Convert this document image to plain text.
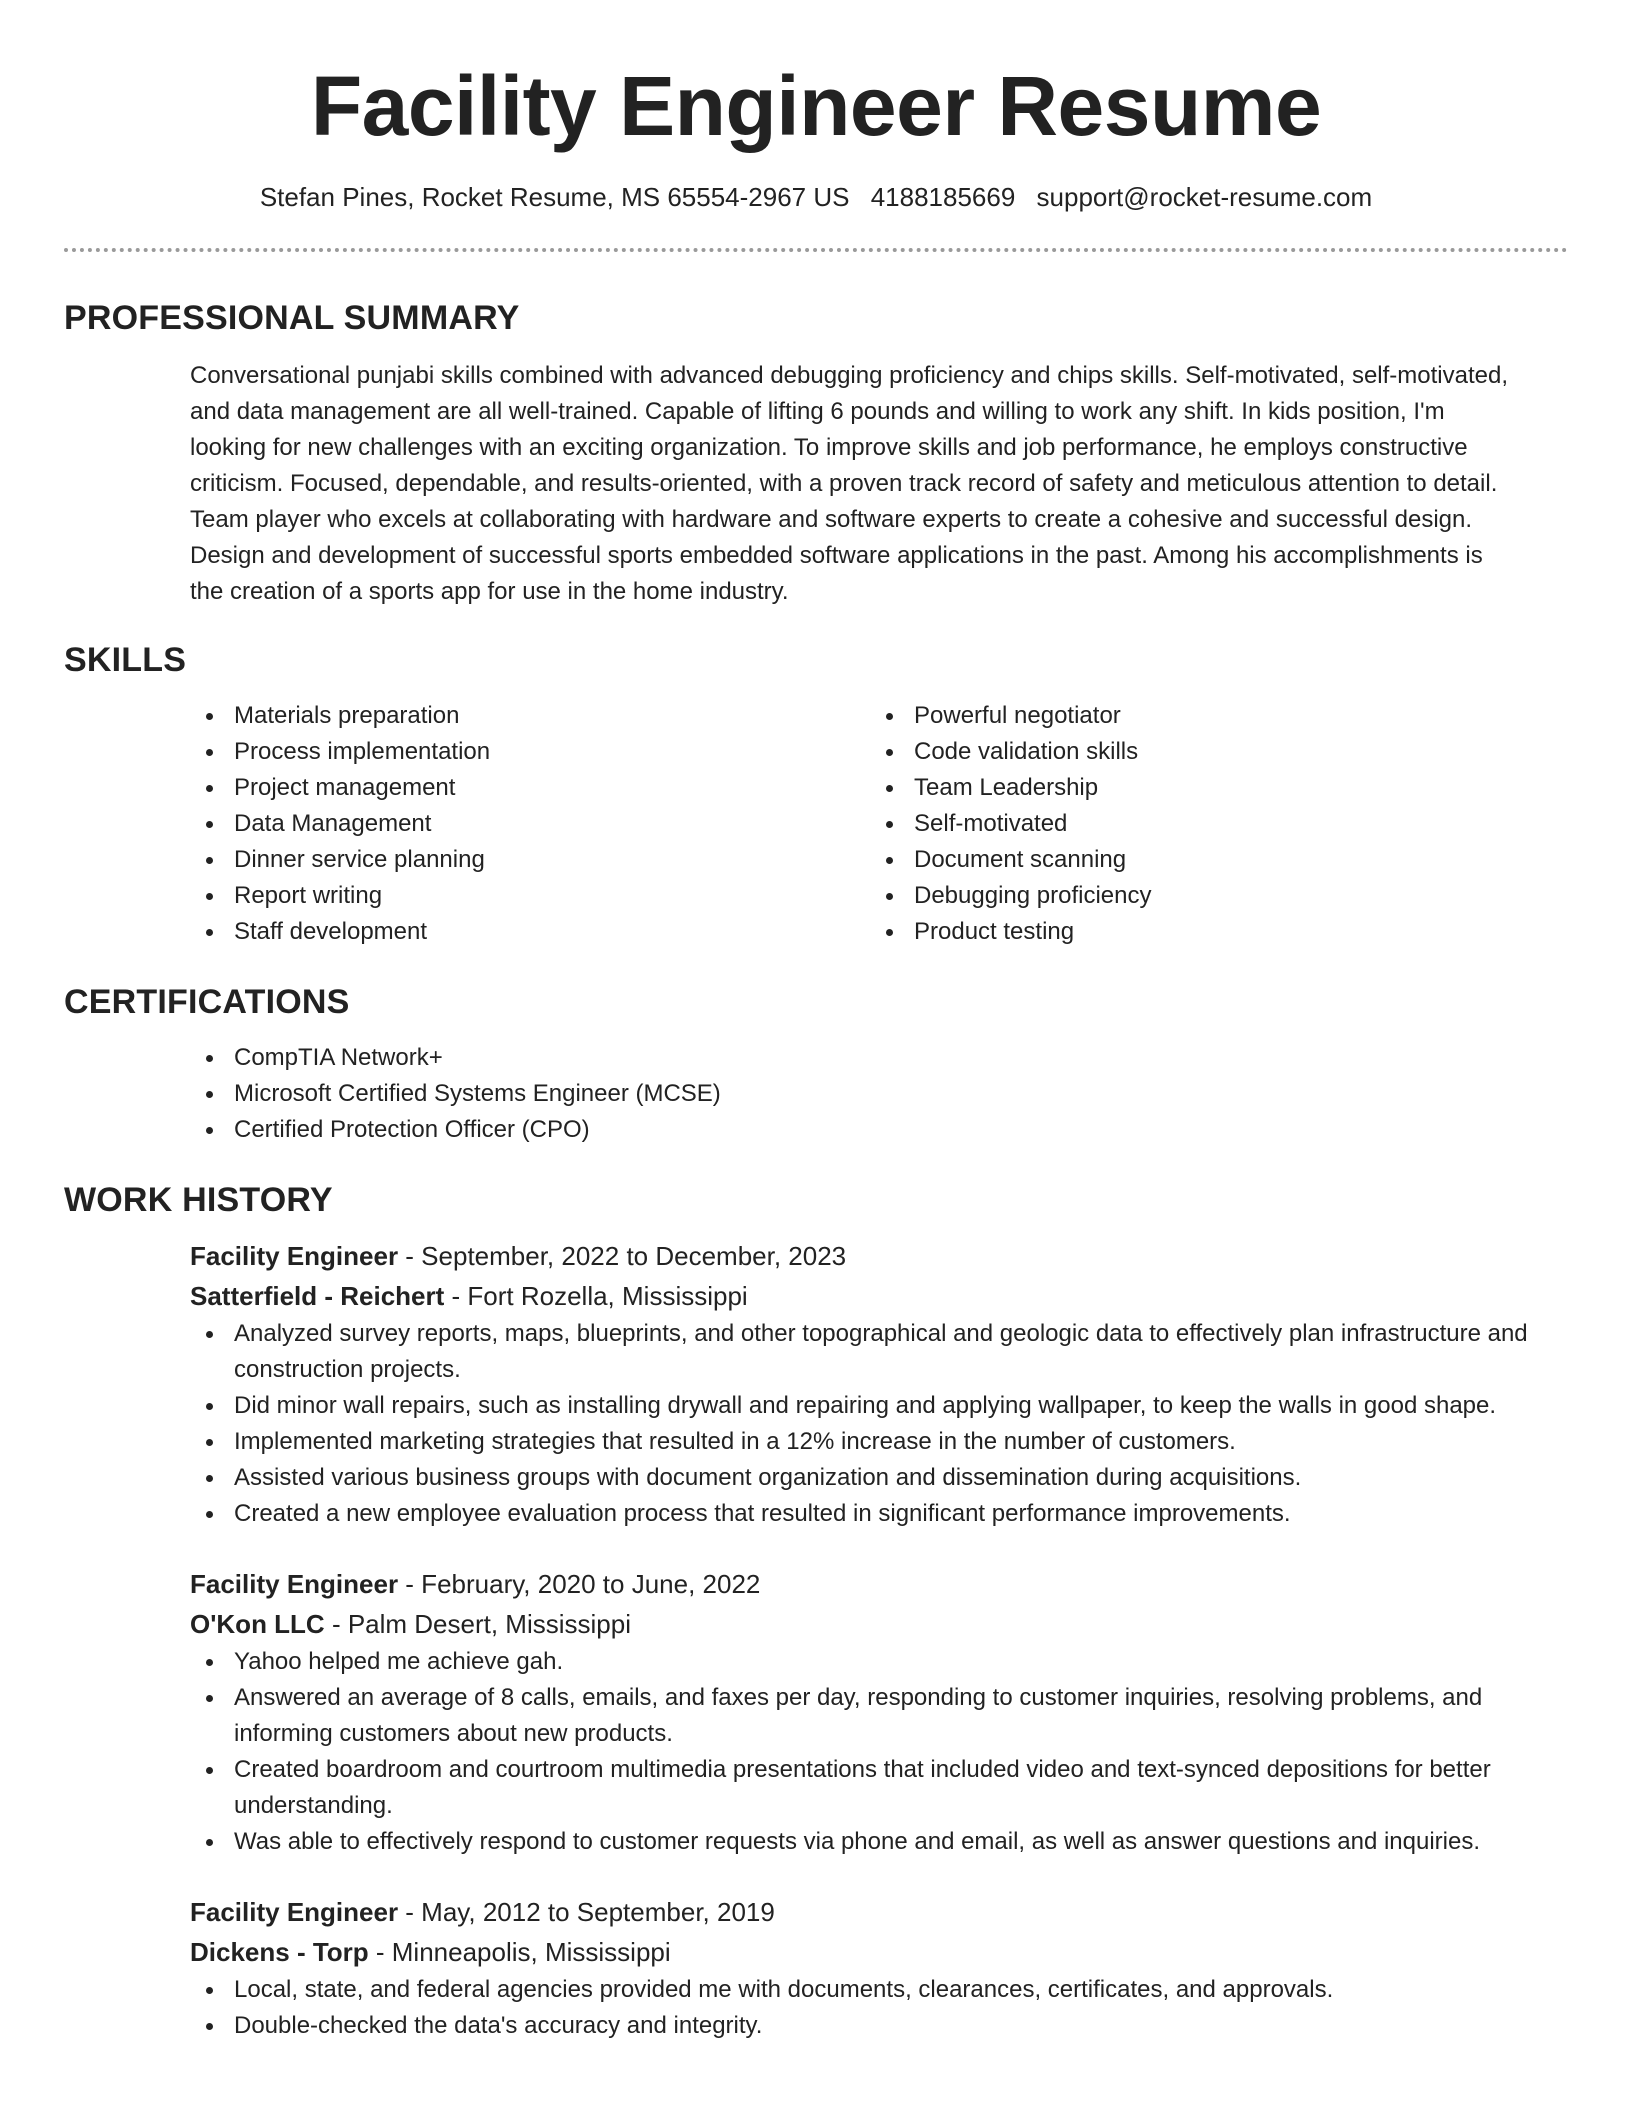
Facility Engineer Resume
Stefan Pines, Rocket Resume, MS 65554-2967 US 4188185669 support@rocket-resume.com
PROFESSIONAL SUMMARY

Conversational punjabi skills combined with advanced debugging proficiency and chips skills. Self-motivated, self-motivated,
and data management are all well-trained. Capable of lifting 6 pounds and willing to work any shift. In kids position, I'm
looking for new challenges with an exciting organization. To improve skills and job performance, he employs constructive
criticism. Focused, dependable, and results-oriented, with a proven track record of safety and meticulous attention to detail.
Team player who excels at collaborating with hardware and software experts to create a cohesive and successful design.
Design and development of successful sports embedded software applications in the past. Among his accomplishments is
the creation of a sports app for use in the home industry.

SKILLS
Materials preparation
Process implementation
Project management
Data Management
Dinner service planning
Report writing
Staff development
Powerful negotiator
Code validation skills
Team Leadership
Self-motivated
Document scanning
Debugging proficiency
Product testing
CERTIFICATIONS
CompTIA Network+
Microsoft Certified Systems Engineer (MCSE)
Certified Protection Officer (CPO)
WORK HISTORY
Facility Engineer - September, 2022 to December, 2023
Satterfield - Reichert - Fort Rozella, Mississippi
Analyzed survey reports, maps, blueprints, and other topographical and geologic data to effectively plan infrastructure and construction projects.
Did minor wall repairs, such as installing drywall and repairing and applying wallpaper, to keep the walls in good shape.
Implemented marketing strategies that resulted in a 12% increase in the number of customers.
Assisted various business groups with document organization and dissemination during acquisitions.
Created a new employee evaluation process that resulted in significant performance improvements.
Facility Engineer - February, 2020 to June, 2022
O'Kon LLC - Palm Desert, Mississippi
Yahoo helped me achieve gah.
Answered an average of 8 calls, emails, and faxes per day, responding to customer inquiries, resolving problems, and informing customers about new products.
Created boardroom and courtroom multimedia presentations that included video and text-synced depositions for better understanding.
Was able to effectively respond to customer requests via phone and email, as well as answer questions and inquiries.
Facility Engineer - May, 2012 to September, 2019
Dickens - Torp - Minneapolis, Mississippi
Local, state, and federal agencies provided me with documents, clearances, certificates, and approvals.
Double-checked the data's accuracy and integrity.
